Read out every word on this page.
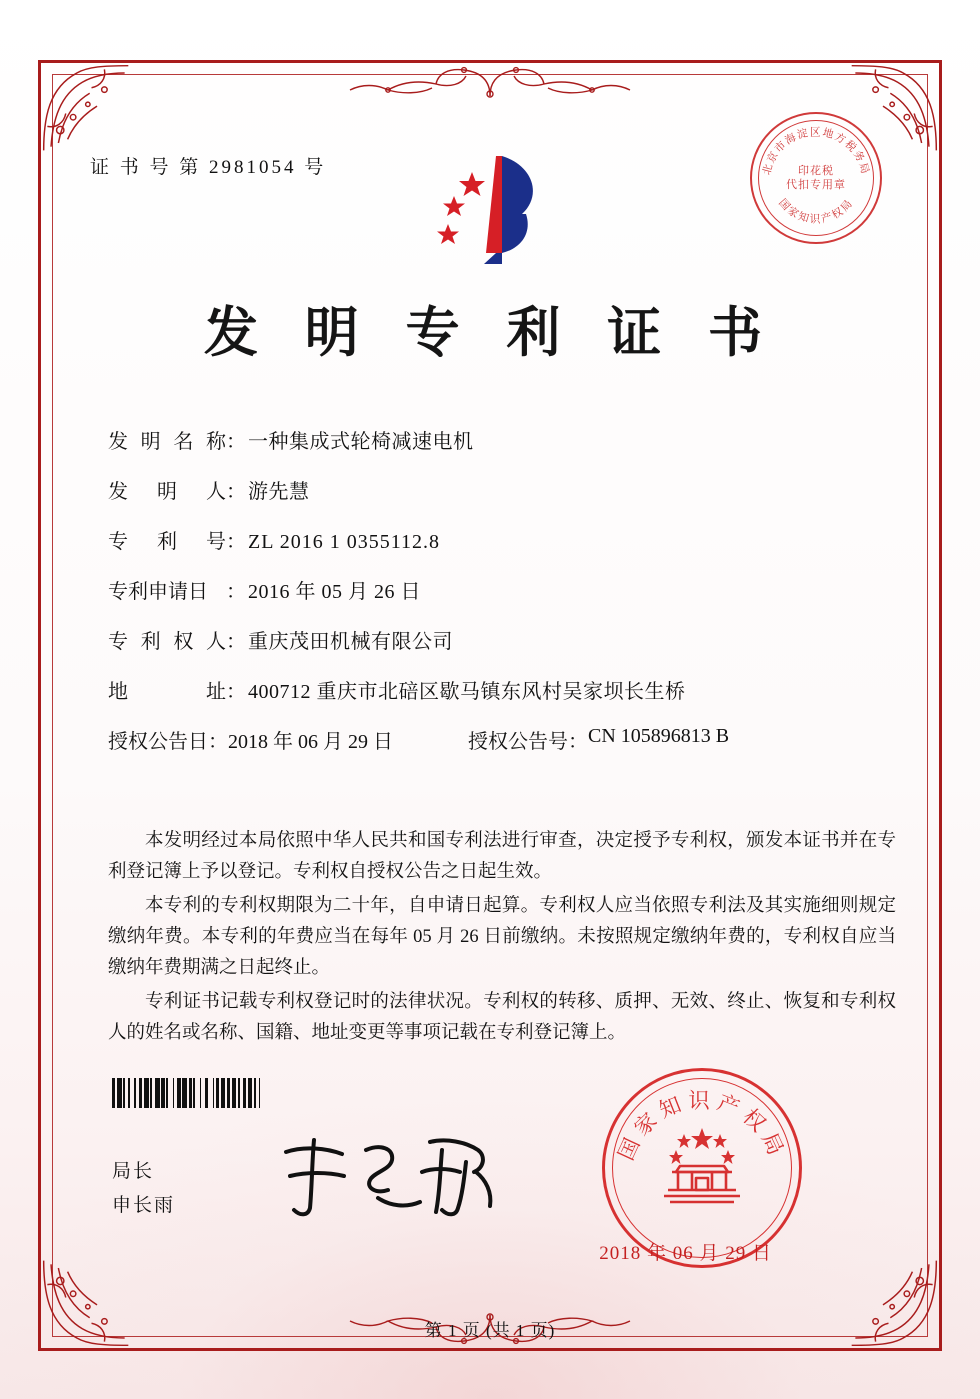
证 书 号 第 2981054 号	北京市海淀区地方税务局
国家知识产权局
印花税
代扣专用章
发 明 专 利 证 书
发 明 名 称 ： 一种集成式轮椅减速电机
发 明 人 ： 游先慧
专 利 号 ： ZL 2016 1 0355112.8
专利申请日 ： 2016 年 05 月 26 日
专 利 权 人 ： 重庆茂田机械有限公司
地	址 ： 400712 重庆市北碚区歇马镇东风村吴家坝长生桥
授权公告日 ： 2018 年 06 月 29 日	授权公告号 ： CN 105896813 B

本发明经过本局依照中华人民共和国专利法进行审查，决定授予专利权，颁发本证书并在专利登记簿上予以登记。专利权自授权公告之日起生效。

本专利的专利权期限为二十年，自申请日起算。专利权人应当依照专利法及其实施细则规定缴纳年费。本专利的年费应当在每年 05 月 26 日前缴纳。未按照规定缴纳年费的，专利权自应当缴纳年费期满之日起终止。

专利证书记载专利权登记时的法律状况。专利权的转移、质押、无效、终止、恢复和专利权人的姓名或名称、国籍、地址变更等事项记载在专利登记簿上。

局长
申长雨
国家知识产权局
2018 年 06 月 29 日
第 1 页 (共 1 页)
